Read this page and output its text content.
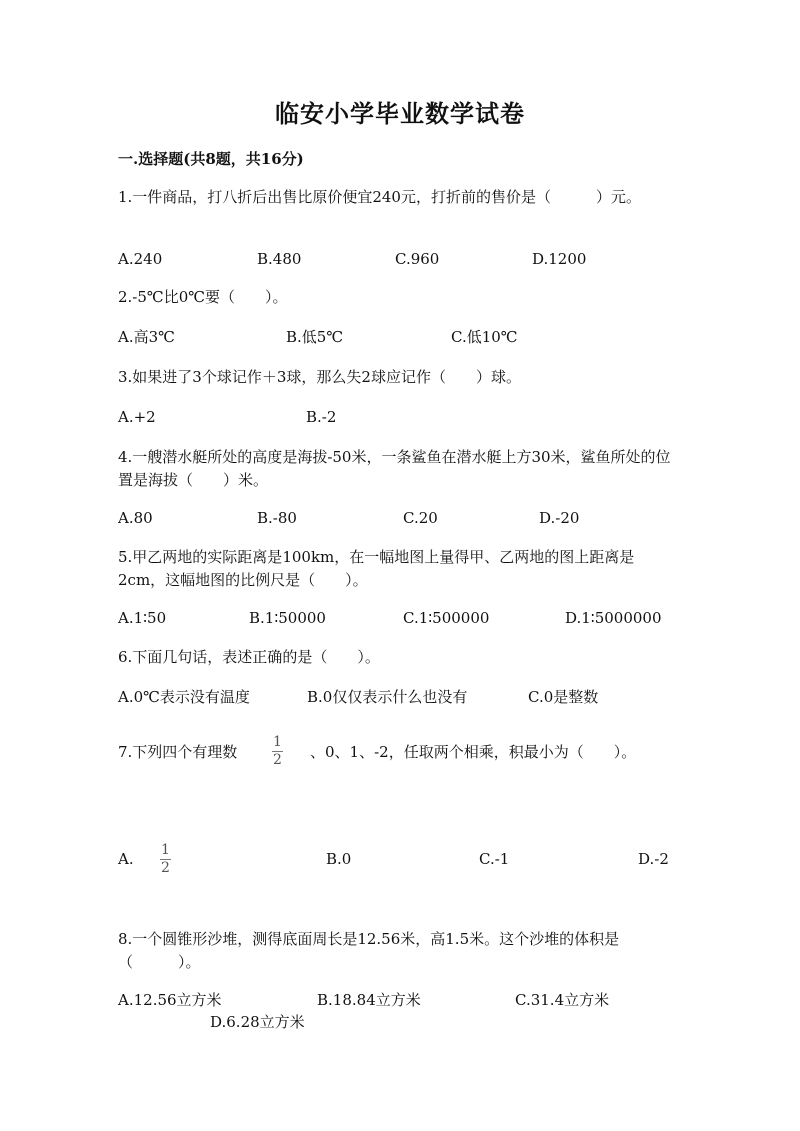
临安小学毕业数学试卷
一.选择题(共8题，共16分)
1.一件商品，打八折后出售比原价便宜240元，打折前的售价是（　　　）元。
A.240	B.480	C.960	D.1200
2.-5℃比0℃要（　　）。
A.高3℃	B.低5℃	C.低10℃
3.如果进了3个球记作＋3球，那么失2球应记作（　　）球。
A.+2	B.-2
4.一艘潜水艇所处的高度是海拔-50米，一条鲨鱼在潜水艇上方30米，鲨鱼所处的位置是海拔（　　）米。
A.80	B.-80	C.20	D.-20
5.甲乙两地的实际距离是100km，在一幅地图上量得甲、乙两地的图上距离是2cm，这幅地图的比例尺是（　　）。
A.1∶50	B.1∶50000	C.1∶500000	D.1∶5000000
6.下面几句话，表述正确的是（　　）。
A.0℃表示没有温度	B.0仅仅表示什么也没有	C.0是整数
7.下列四个有理数
1
2 、0、1、-2，任取两个相乘，积最小为（　　）。
A. 1
2	B.0	C.-1	D.-2
8.一个圆锥形沙堆，测得底面周长是12.56米，高1.5米。这个沙堆的体积是（　　　）。
A.12.56立方米	B.18.84立方米	C.31.4立方米
D.6.28立方米
